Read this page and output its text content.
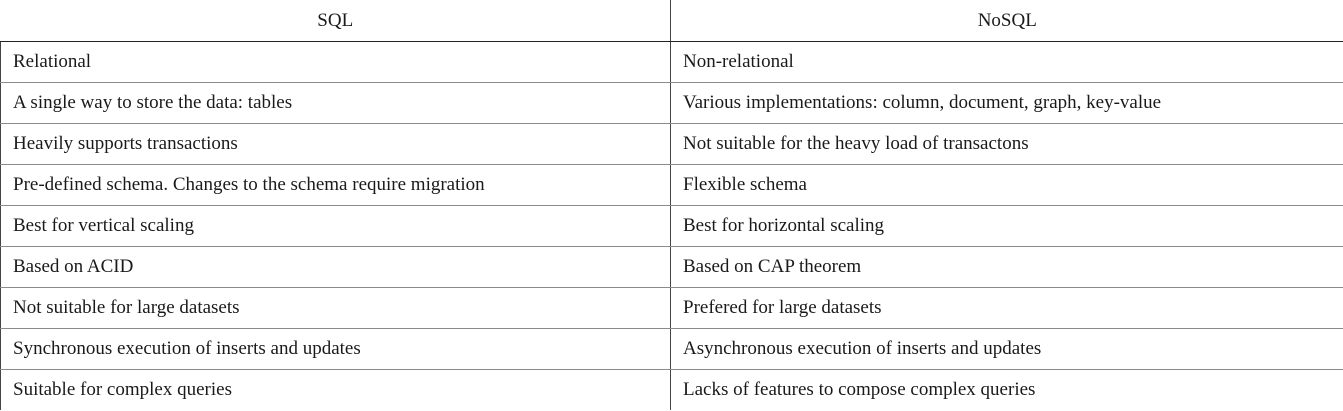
SQL	NoSQL
Relational	Non-relational
A single way to store the data: tables	Various implementations: column, document, graph, key-value
Heavily supports transactions	Not suitable for the heavy load of transactons
Pre-defined schema. Changes to the schema require migration	Flexible schema
Best for vertical scaling	Best for horizontal scaling
Based on ACID	Based on CAP theorem
Not suitable for large datasets	Prefered for large datasets
Synchronous execution of inserts and updates	Asynchronous execution of inserts and updates
Suitable for complex queries	Lacks of features to compose complex queries
